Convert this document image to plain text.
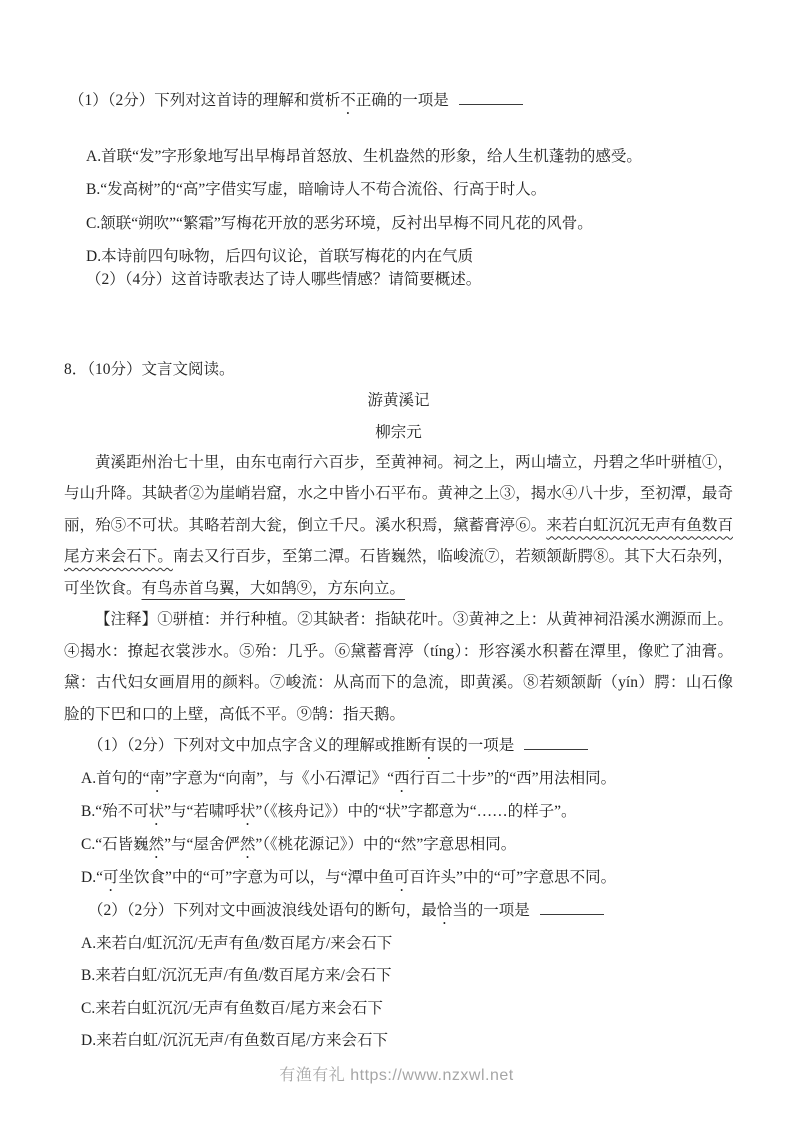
（1）（2分）下列对这首诗的理解和赏析不正确的一项是
A.首联“发”字形象地写出早梅昂首怒放、生机盎然的形象，给人生机蓬勃的感受。
B.“发高树”的“高”字借实写虚，暗喻诗人不苟合流俗、行高于时人。
C.颔联“朔吹”“繁霜”写梅花开放的恶劣环境，反衬出早梅不同凡花的风骨。
D.本诗前四句咏物，后四句议论，首联写梅花的内在气质
（2）（4分）这首诗歌表达了诗人哪些情感？请简要概述。
8．（10分）文言文阅读。
游黄溪记
柳宗元

黄溪距州治七十里，由东屯南行六百步，至黄神祠。祠之上，两山墙立，丹碧之华叶骈植①，与山升降。其缺者②为崖峭岩窟，水之中皆小石平布。黄神之上③，揭水④八十步，至初潭，最奇丽，殆⑤不可状。其略若剖大瓮，倒立千尺。溪水积焉，黛蓄膏渟⑥。来若白虹沉沉无声有鱼数百尾方来会石下。南去又行百步，至第二潭。石皆巍然，临峻流⑦，若颏颔龂腭⑧。其下大石杂列，可坐饮食。有鸟赤首乌翼，大如鹄⑨，方东向立。

【注释】①骈植：并行种植。②其缺者：指缺花叶。③黄神之上：从黄神祠沿溪水溯源而上。④揭水：撩起衣裳涉水。⑤殆：几乎。⑥黛蓄膏渟（tíng）：形容溪水积蓄在潭里，像贮了油膏。黛：古代妇女画眉用的颜料。⑦峻流：从高而下的急流，即黄溪。⑧若颏颔龂（yín）腭：山石像脸的下巴和口的上壁，高低不平。⑨鹄：指天鹅。

（1）（2分）下列对文中加点字含义的理解或推断有误的一项是
A.首句的“南”字意为“向南”，与《小石潭记》“西行百二十步”的“西”用法相同。
B.“殆不可状”与“若啸呼状”（《核舟记》）中的“状”字都意为“……的样子”。
C.“石皆巍然”与“屋舍俨然”（《桃花源记》）中的“然”字意思相同。
D.“可坐饮食”中的“可”字意为可以，与“潭中鱼可百许头”中的“可”字意思不同。
（2）（2分）下列对文中画波浪线处语句的断句，最恰当的一项是
A.来若白/虹沉沉/无声有鱼/数百尾方/来会石下
B.来若白虹/沉沉无声/有鱼/数百尾方来/会石下
C.来若白虹沉沉/无声有鱼数百/尾方来会石下
D.来若白虹/沉沉无声/有鱼数百尾/方来会石下
有渔有礼 https://www.nzxwl.net
